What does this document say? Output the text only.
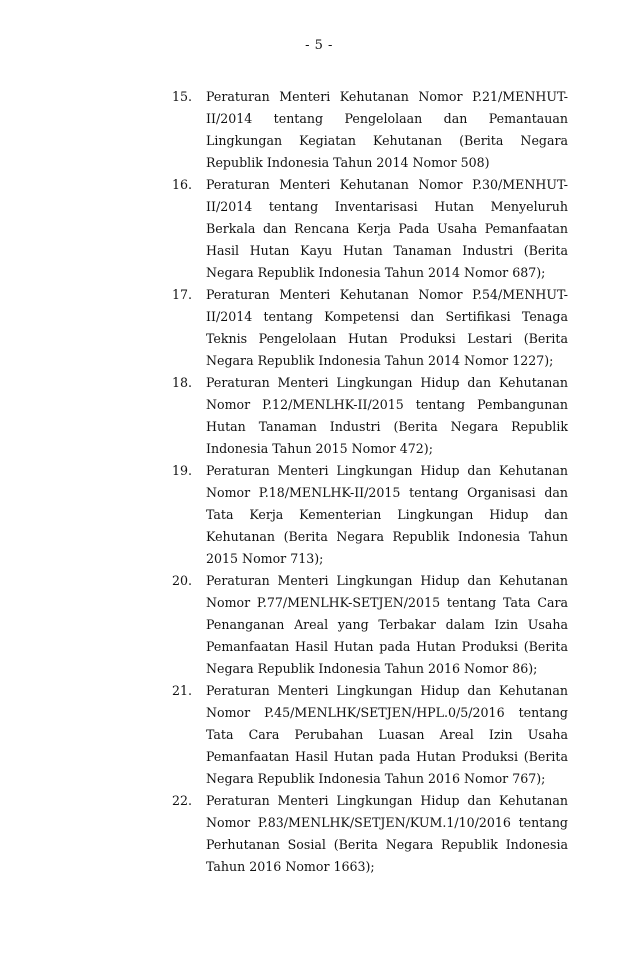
- 5 -
15.	Peraturan Menteri Kehutanan Nomor P.21/MENHUT-II/2014 tentang Pengelolaan dan Pemantauan Lingkungan Kegiatan Kehutanan (Berita Negara Republik Indonesia Tahun 2014 Nomor 508)
16.	Peraturan Menteri Kehutanan Nomor P.30/MENHUT-II/2014 tentang Inventarisasi Hutan Menyeluruh Berkala dan Rencana Kerja Pada Usaha Pemanfaatan Hasil Hutan Kayu Hutan Tanaman Industri (Berita Negara Republik Indonesia Tahun 2014 Nomor 687);
17.	Peraturan Menteri Kehutanan Nomor P.54/MENHUT-II/2014 tentang Kompetensi dan Sertifikasi Tenaga Teknis Pengelolaan Hutan Produksi Lestari (Berita Negara Republik Indonesia Tahun 2014 Nomor 1227);
18.	Peraturan Menteri Lingkungan Hidup dan Kehutanan Nomor P.12/MENLHK-II/2015 tentang Pembangunan Hutan Tanaman Industri (Berita Negara Republik Indonesia Tahun 2015 Nomor 472);
19.	Peraturan Menteri Lingkungan Hidup dan Kehutanan Nomor P.18/MENLHK-II/2015 tentang Organisasi dan Tata Kerja Kementerian Lingkungan Hidup dan Kehutanan (Berita Negara Republik Indonesia Tahun 2015 Nomor 713);
20.	Peraturan Menteri Lingkungan Hidup dan Kehutanan Nomor P.77/MENLHK-SETJEN/2015 tentang Tata Cara Penanganan Areal yang Terbakar dalam Izin Usaha Pemanfaatan Hasil Hutan pada Hutan Produksi (Berita Negara Republik Indonesia Tahun 2016 Nomor 86);
21.	Peraturan Menteri Lingkungan Hidup dan Kehutanan Nomor P.45/MENLHK/SETJEN/HPL.0/5/2016 tentang Tata Cara Perubahan Luasan Areal Izin Usaha Pemanfaatan Hasil Hutan pada Hutan Produksi (Berita Negara Republik Indonesia Tahun 2016 Nomor 767);
22.	Peraturan Menteri Lingkungan Hidup dan Kehutanan Nomor P.83/MENLHK/SETJEN/KUM.1/10/2016 tentang Perhutanan Sosial (Berita Negara Republik Indonesia Tahun 2016 Nomor 1663);
